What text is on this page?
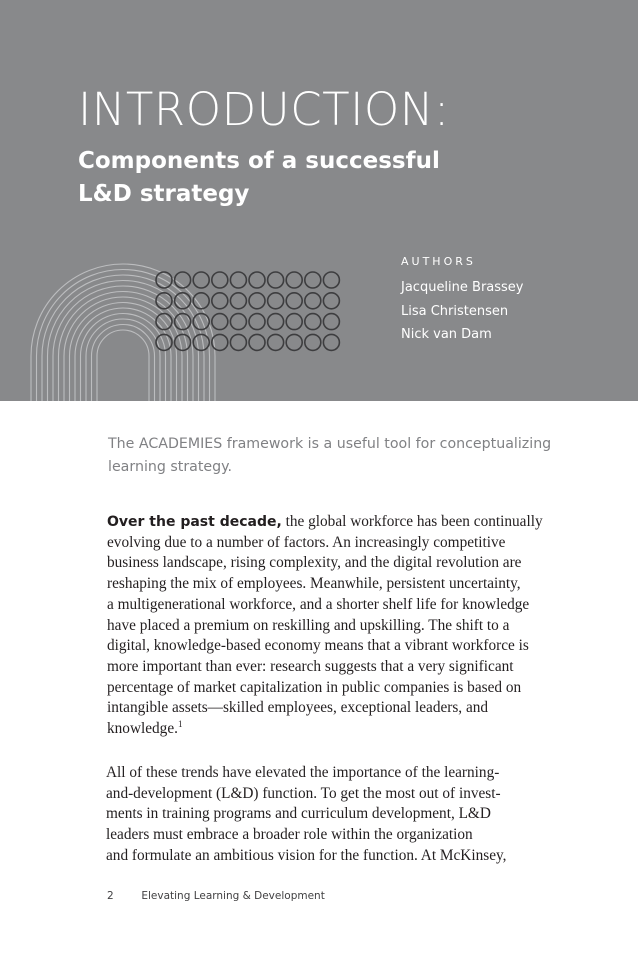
INTRODUCTION:
Components of a successful
L&D strategy
AUTHORS
Jacqueline Brassey
Lisa Christensen
Nick van Dam

The ACADEMIES framework is a useful tool for conceptualizing
learning strategy.

Over the past decade, the global workforce has been continually
evolving due to a number of factors. An increasingly competitive
business landscape, rising complexity, and the digital revolution are
reshaping the mix of employees. Meanwhile, persistent uncertainty,
a multigenerational workforce, and a shorter shelf life for knowledge
have placed a premium on reskilling and upskilling. The shift to a
digital, knowledge-based economy means that a vibrant workforce is
more important than ever: research suggests that a very significant
percentage of market capitalization in public companies is based on
intangible assets—skilled employees, exceptional leaders, and
knowledge.$^1$

All of these trends have elevated the importance of the learning-
and-development (L&D) function. To get the most out of invest-
ments in training programs and curriculum development, L&D
leaders must embrace a broader role within the organization
and formulate an ambitious vision for the function. At McKinsey,

2	Elevating Learning & Development
